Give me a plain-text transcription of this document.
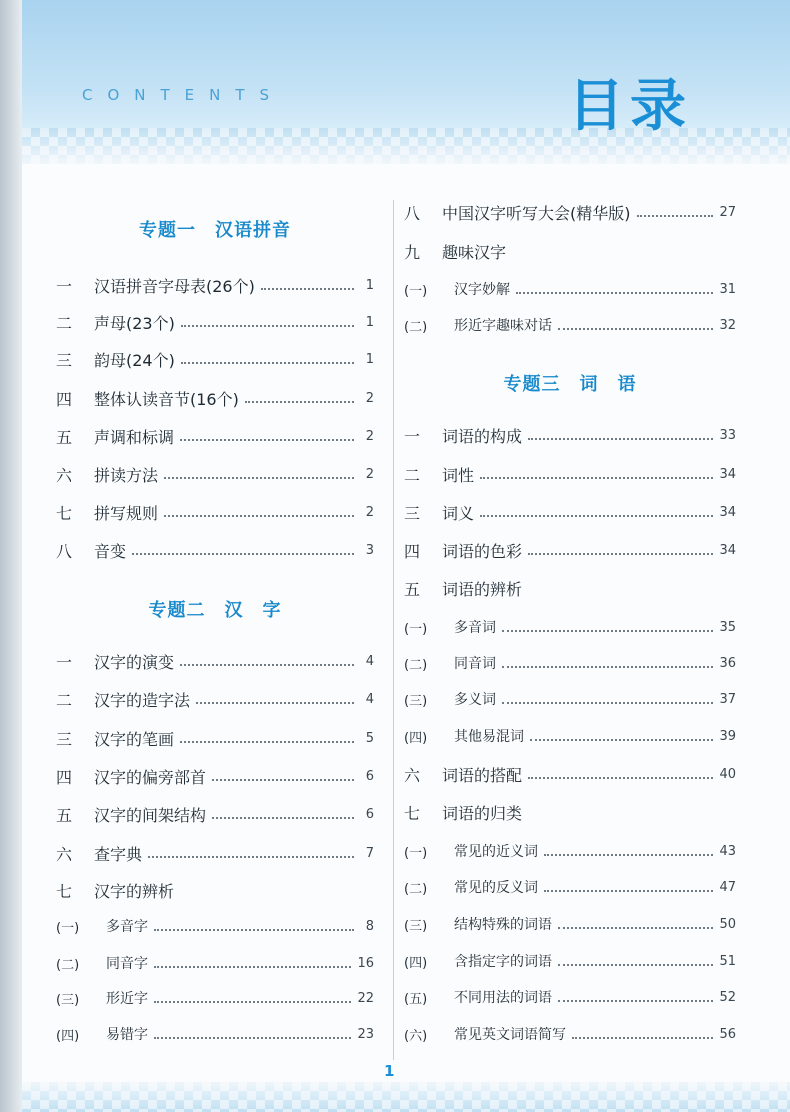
CONTENTS	目录
专题一　汉语拼音
一	汉语拼音字母表(26个)	1
二	声母(23个)	1
三	韵母(24个)	1
四	整体认读音节(16个)	2
五	声调和标调	2
六	拼读方法	2
七	拼写规则	2
八	音变	3
专题二　汉　字
一	汉字的演变	4
二	汉字的造字法	4
三	汉字的笔画	5
四	汉字的偏旁部首	6
五	汉字的间架结构	6
六	查字典	7
七	汉字的辨析
(一)	多音字	8
(二)	同音字	16
(三)	形近字	22
(四)	易错字	23
八	中国汉字听写大会(精华版)	27
九	趣味汉字
(一)	汉字妙解	31
(二)	形近字趣味对话	32
专题三　词　语
一	词语的构成	33
二	词性	34
三	词义	34
四	词语的色彩	34
五	词语的辨析
(一)	多音词	35
(二)	同音词	36
(三)	多义词	37
(四)	其他易混词	39
六	词语的搭配	40
七	词语的归类
(一)	常见的近义词	43
(二)	常见的反义词	47
(三)	结构特殊的词语	50
(四)	含指定字的词语	51
(五)	不同用法的词语	52
(六)	常见英文词语简写	56
1
